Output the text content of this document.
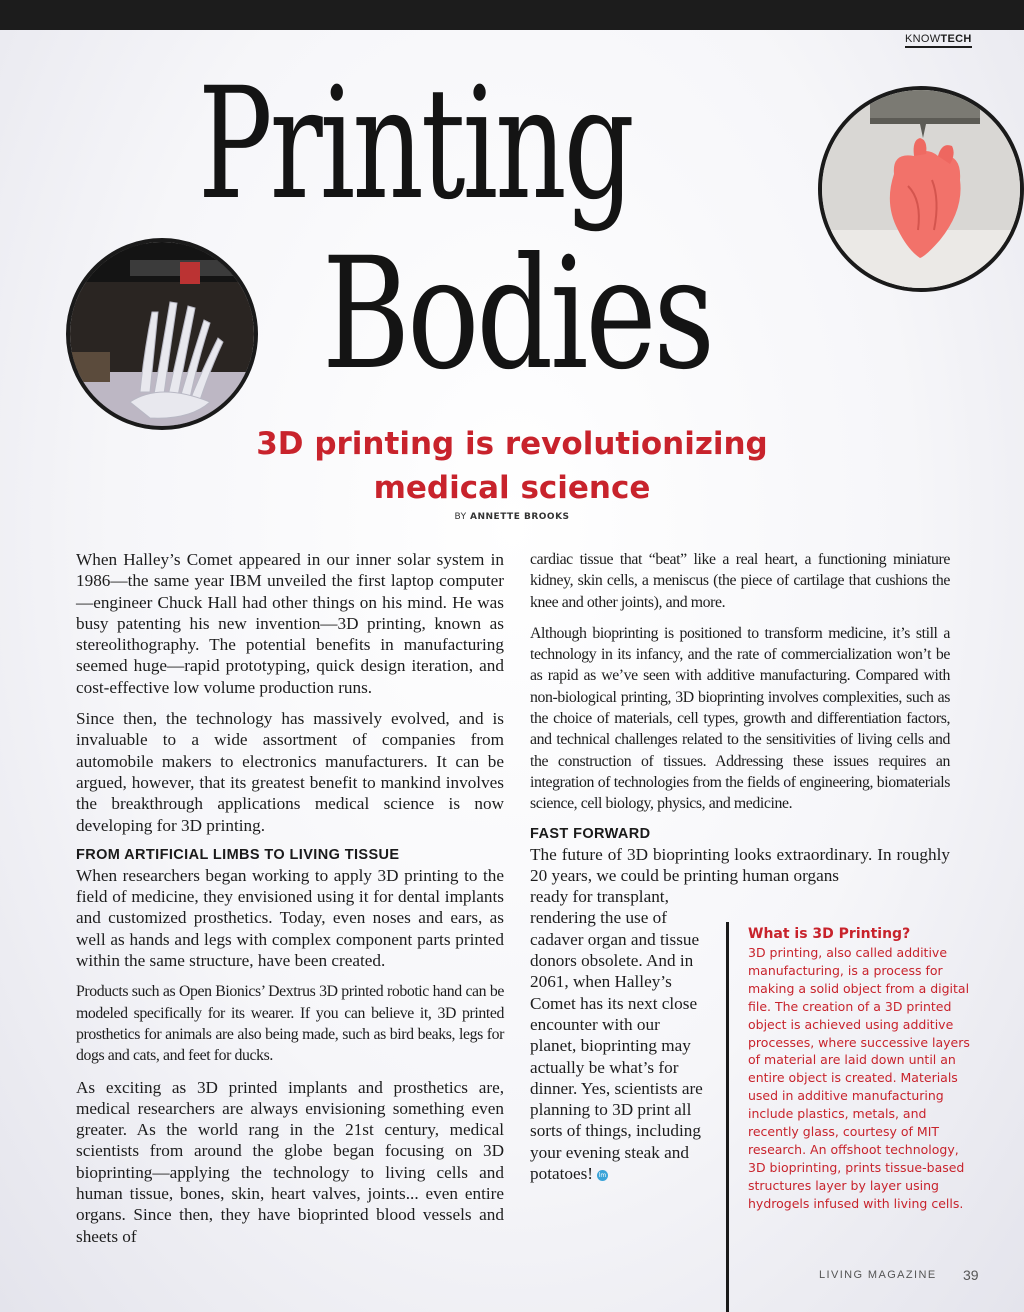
KNOWTECH
Printing
Bodies
3D printing is revolutionizing
medical science
BY ANNETTE BROOKS

When Halley’s Comet appeared in our inner solar system in 1986—the same year IBM unveiled the first laptop computer—engineer Chuck Hall had other things on his mind. He was busy patenting his new invention—3D printing, known as stereolithography. The potential benefits in manufacturing seemed huge—rapid prototyping, quick design iteration, and cost-effective low volume production runs.

Since then, the technology has massively evolved, and is invaluable to a wide assortment of companies from automobile makers to electronics manufacturers. It can be argued, however, that its greatest benefit to mankind involves the breakthrough applications medical science is now developing for 3D printing.

FROM ARTIFICIAL LIMBS TO LIVING TISSUE

When researchers began working to apply 3D printing to the field of medicine, they envisioned using it for dental implants and customized prosthetics. Today, even noses and ears, as well as hands and legs with complex component parts printed within the same structure, have been created.

Products such as Open Bionics’ Dextrus 3D printed robotic hand can be modeled specifically for its wearer. If you can believe it, 3D printed prosthetics for animals are also being made, such as bird beaks, legs for dogs and cats, and feet for ducks.

As exciting as 3D printed implants and prosthetics are, medical researchers are always envisioning something even greater. As the world rang in the 21st century, medical scientists from around the globe began focusing on 3D bioprinting—applying the technology to living cells and human tissue, bones, skin, heart valves, joints... even entire organs. Since then, they have bioprinted blood vessels and sheets of

cardiac tissue that “beat” like a real heart, a functioning miniature kidney, skin cells, a meniscus (the piece of cartilage that cushions the knee and other joints), and more.

Although bioprinting is positioned to transform medicine, it’s still a technology in its infancy, and the rate of commercialization won’t be as rapid as we’ve seen with additive manufacturing. Compared with non-biological printing, 3D bioprinting involves complexities, such as the choice of materials, cell types, growth and differentiation factors, and technical challenges related to the sensitivities of living cells and the construction of tissues. Addressing these issues requires an integration of technologies from the fields of engineering, biomaterials science, cell biology, physics, and medicine.

FAST FORWARD

The future of 3D bioprinting looks extraordinary. In roughly 20 years, we could be printing human organs

ready for transplant, rendering the use of cadaver organ and tissue donors obsolete. And in 2061, when Halley’s Comet has its next close encounter with our planet, bioprinting may actually be what’s for dinner. Yes, scientists are planning to 3D print all sorts of things, including your evening steak and potatoes! lm

What is 3D Printing?

3D printing, also called additive manufacturing, is a process for making a solid object from a digital file. The creation of a 3D printed object is achieved using additive processes, where successive layers of material are laid down until an entire object is created. Materials used in additive manufacturing include plastics, metals, and recently glass, courtesy of MIT research. An offshoot technology, 3D bioprinting, prints tissue-based structures layer by layer using hydrogels infused with living cells.

LIVING MAGAZINE 39
